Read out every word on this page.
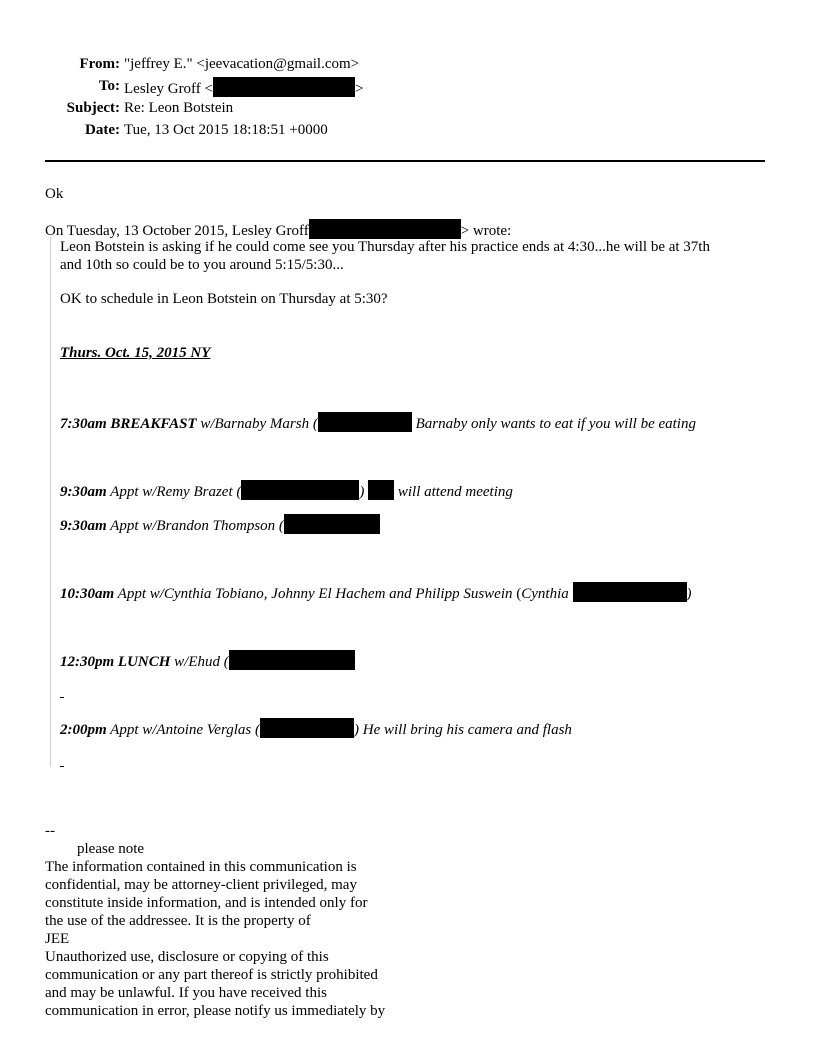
From: "jeffrey E." <jeevacation@gmail.com>
To: Lesley Groff <	>
Subject: Re: Leon Botstein
Date: Tue, 13 Oct 2015 18:18:51 +0000
Ok
On Tuesday, 13 October 2015, Lesley Groff	> wrote:
Leon Botstein is asking if he could come see you Thursday after his practice ends at 4:30...he will be at 37th
and 10th so could be to you around 5:15/5:30...
OK to schedule in Leon Botstein on Thursday at 5:30?
Thurs. Oct. 15, 2015 NY
7:30am BREAKFAST w/Barnaby Marsh (	Barnaby only wants to eat if you will be eating
9:30am Appt w/Remy Brazet (	)  will attend meeting
9:30am Appt w/Brandon Thompson (
10:30am Appt w/Cynthia Tobiano, Johnny El Hachem and Philipp Suswein (Cynthia	)
12:30pm LUNCH w/Ehud (
2:00pm Appt w/Antoine Verglas (	) He will bring his camera and flash
--
please note
The information contained in this communication is
confidential, may be attorney-client privileged, may
constitute inside information, and is intended only for
the use of the addressee. It is the property of
JEE
Unauthorized use, disclosure or copying of this
communication or any part thereof is strictly prohibited
and may be unlawful. If you have received this
communication in error, please notify us immediately by
